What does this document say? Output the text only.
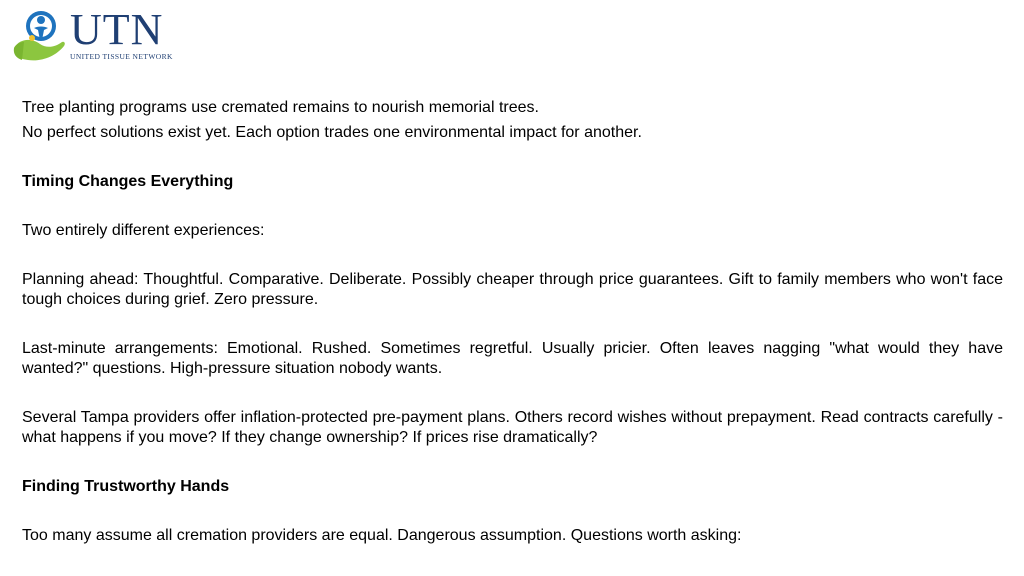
UTN
UNITED TISSUE NETWORK

Tree planting programs use cremated remains to nourish memorial trees.

No perfect solutions exist yet. Each option trades one environmental impact for another.

Timing Changes Everything

Two entirely different experiences:

Planning ahead: Thoughtful. Comparative. Deliberate. Possibly cheaper through price guarantees. Gift to family members who won't face tough choices during grief. Zero pressure.

Last-minute arrangements: Emotional. Rushed. Sometimes regretful. Usually pricier. Often leaves nagging "what would they have wanted?" questions. High-pressure situation nobody wants.

Several Tampa providers offer inflation-protected pre-payment plans. Others record wishes without prepayment. Read contracts carefully - what happens if you move? If they change ownership? If prices rise dramatically?

Finding Trustworthy Hands

Too many assume all cremation providers are equal. Dangerous assumption. Questions worth asking:
